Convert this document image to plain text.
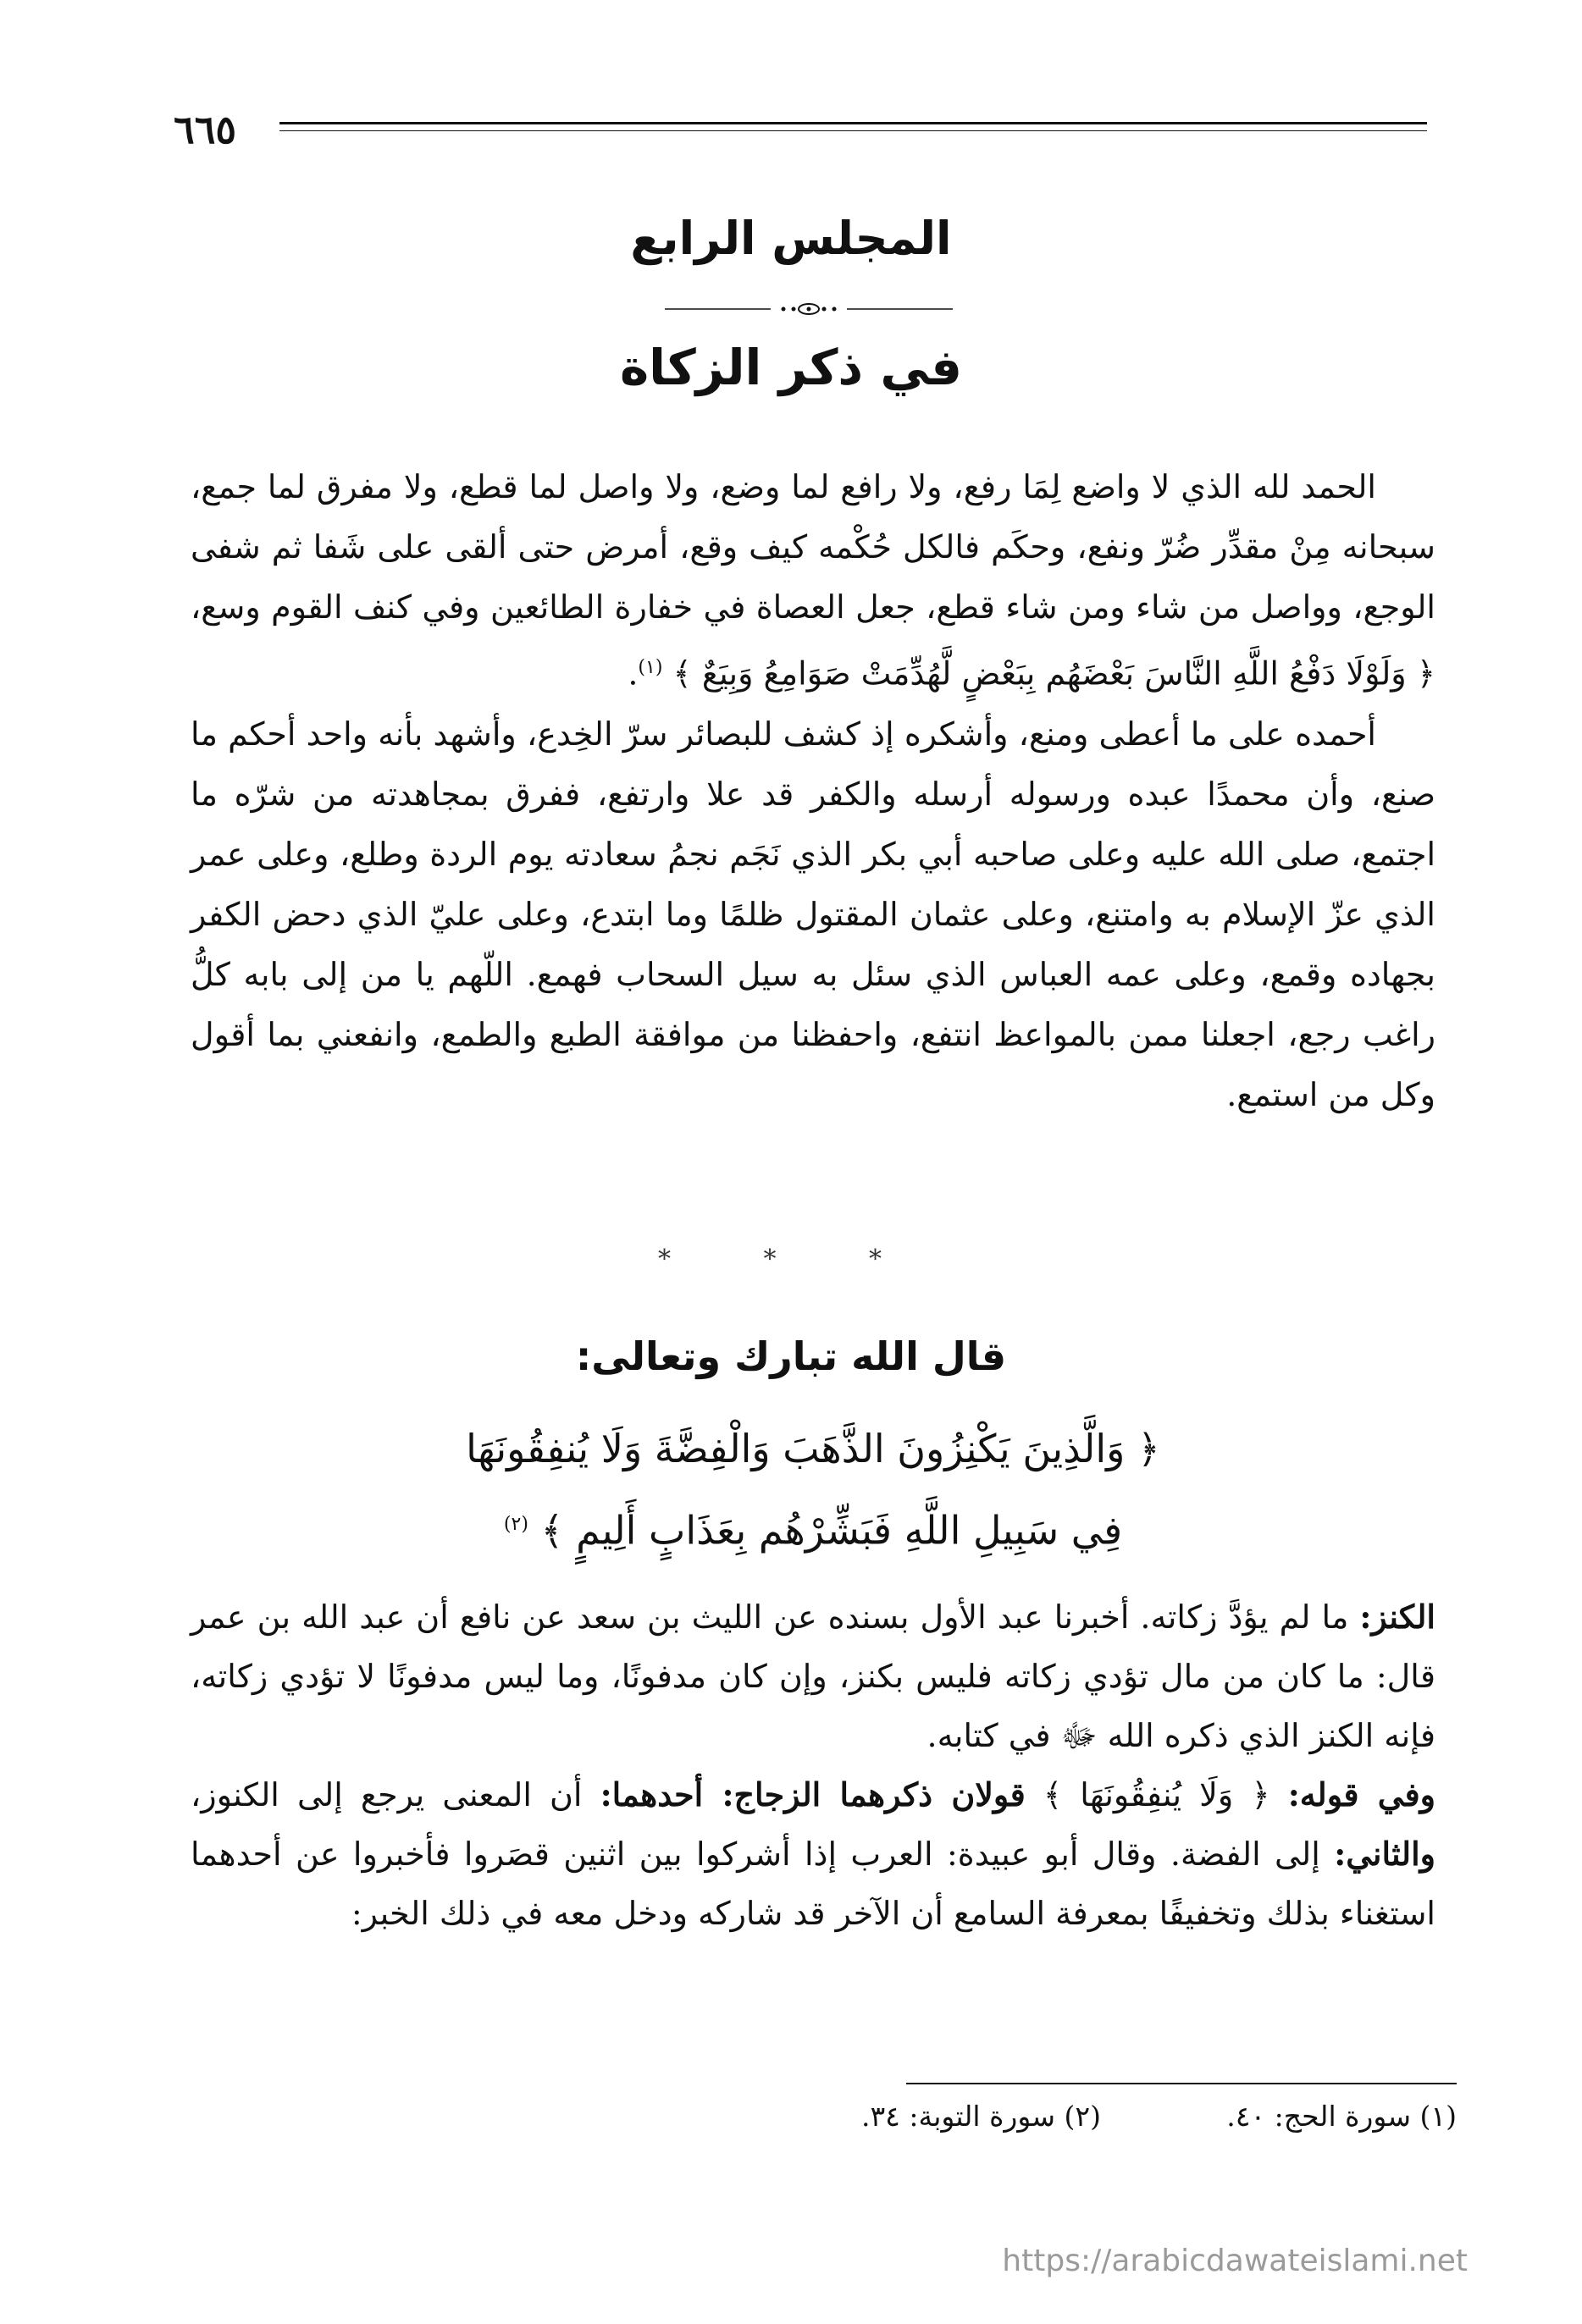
٦٦٥
المجلس الرابع
في ذكر الزكاة

الحمد لله الذي لا واضع لِمَا رفع، ولا رافع لما وضع، ولا واصل لما قطع، ولا مفرق لما جمع، سبحانه مِنْ مقدِّر ضُرّ ونفع، وحكَم فالكل حُكْمه كيف وقع، أمرض حتى ألقى على شَفا ثم شفى الوجع، وواصل من شاء ومن شاء قطع، جعل العصاة في خفارة الطائعين وفي كنف القوم وسع، ﴿ وَلَوْلَا دَفْعُ اللَّهِ النَّاسَ بَعْضَهُم بِبَعْضٍ لَّهُدِّمَتْ صَوَامِعُ وَبِيَعٌ ﴾ $^{(١)}$.

أحمده على ما أعطى ومنع، وأشكره إذ كشف للبصائر سرّ الخِدع، وأشهد بأنه واحد أحكم ما صنع، وأن محمدًا عبده ورسوله أرسله والكفر قد علا وارتفع، ففرق بمجاهدته من شرّه ما اجتمع، صلى الله عليه وعلى صاحبه أبي بكر الذي نَجَم نجمُ سعادته يوم الردة وطلع، وعلى عمر الذي عزّ الإسلام به وامتنع، وعلى عثمان المقتول ظلمًا وما ابتدع، وعلى عليّ الذي دحض الكفر بجهاده وقمع، وعلى عمه العباس الذي سئل به سيل السحاب فهمع. اللّهم يا من إلى بابه كلُّ راغب رجع، اجعلنا ممن بالمواعظ انتفع، واحفظنا من موافقة الطبع والطمع، وانفعني بما أقول وكل من استمع.

* * *
قال الله تبارك وتعالى:
﴿ وَالَّذِينَ يَكْنِزُونَ الذَّهَبَ وَالْفِضَّةَ وَلَا يُنفِقُونَهَا
فِي سَبِيلِ اللَّهِ فَبَشِّرْهُم بِعَذَابٍ أَلِيمٍ ﴾ $^{(٢)}$

الكنز: ما لم يؤدَّ زكاته. أخبرنا عبد الأول بسنده عن الليث بن سعد عن نافع أن عبد الله بن عمر قال: ما كان من مال تؤدي زكاته فليس بكنز، وإن كان مدفونًا، وما ليس مدفونًا لا تؤدي زكاته، فإنه الكنز الذي ذكره الله ﷻ في كتابه.

وفي قوله: ﴿ وَلَا يُنفِقُونَهَا ﴾ قولان ذكرهما الزجاج: أحدهما: أن المعنى يرجع إلى الكنوز، والثاني: إلى الفضة. وقال أبو عبيدة: العرب إذا أشركوا بين اثنين قصَروا فأخبروا عن أحدهما استغناء بذلك وتخفيفًا بمعرفة السامع أن الآخر قد شاركه ودخل معه في ذلك الخبر:

(١) سورة الحج: ٤٠.
(٢) سورة التوبة: ٣٤.
https://arabicdawateislami.net
